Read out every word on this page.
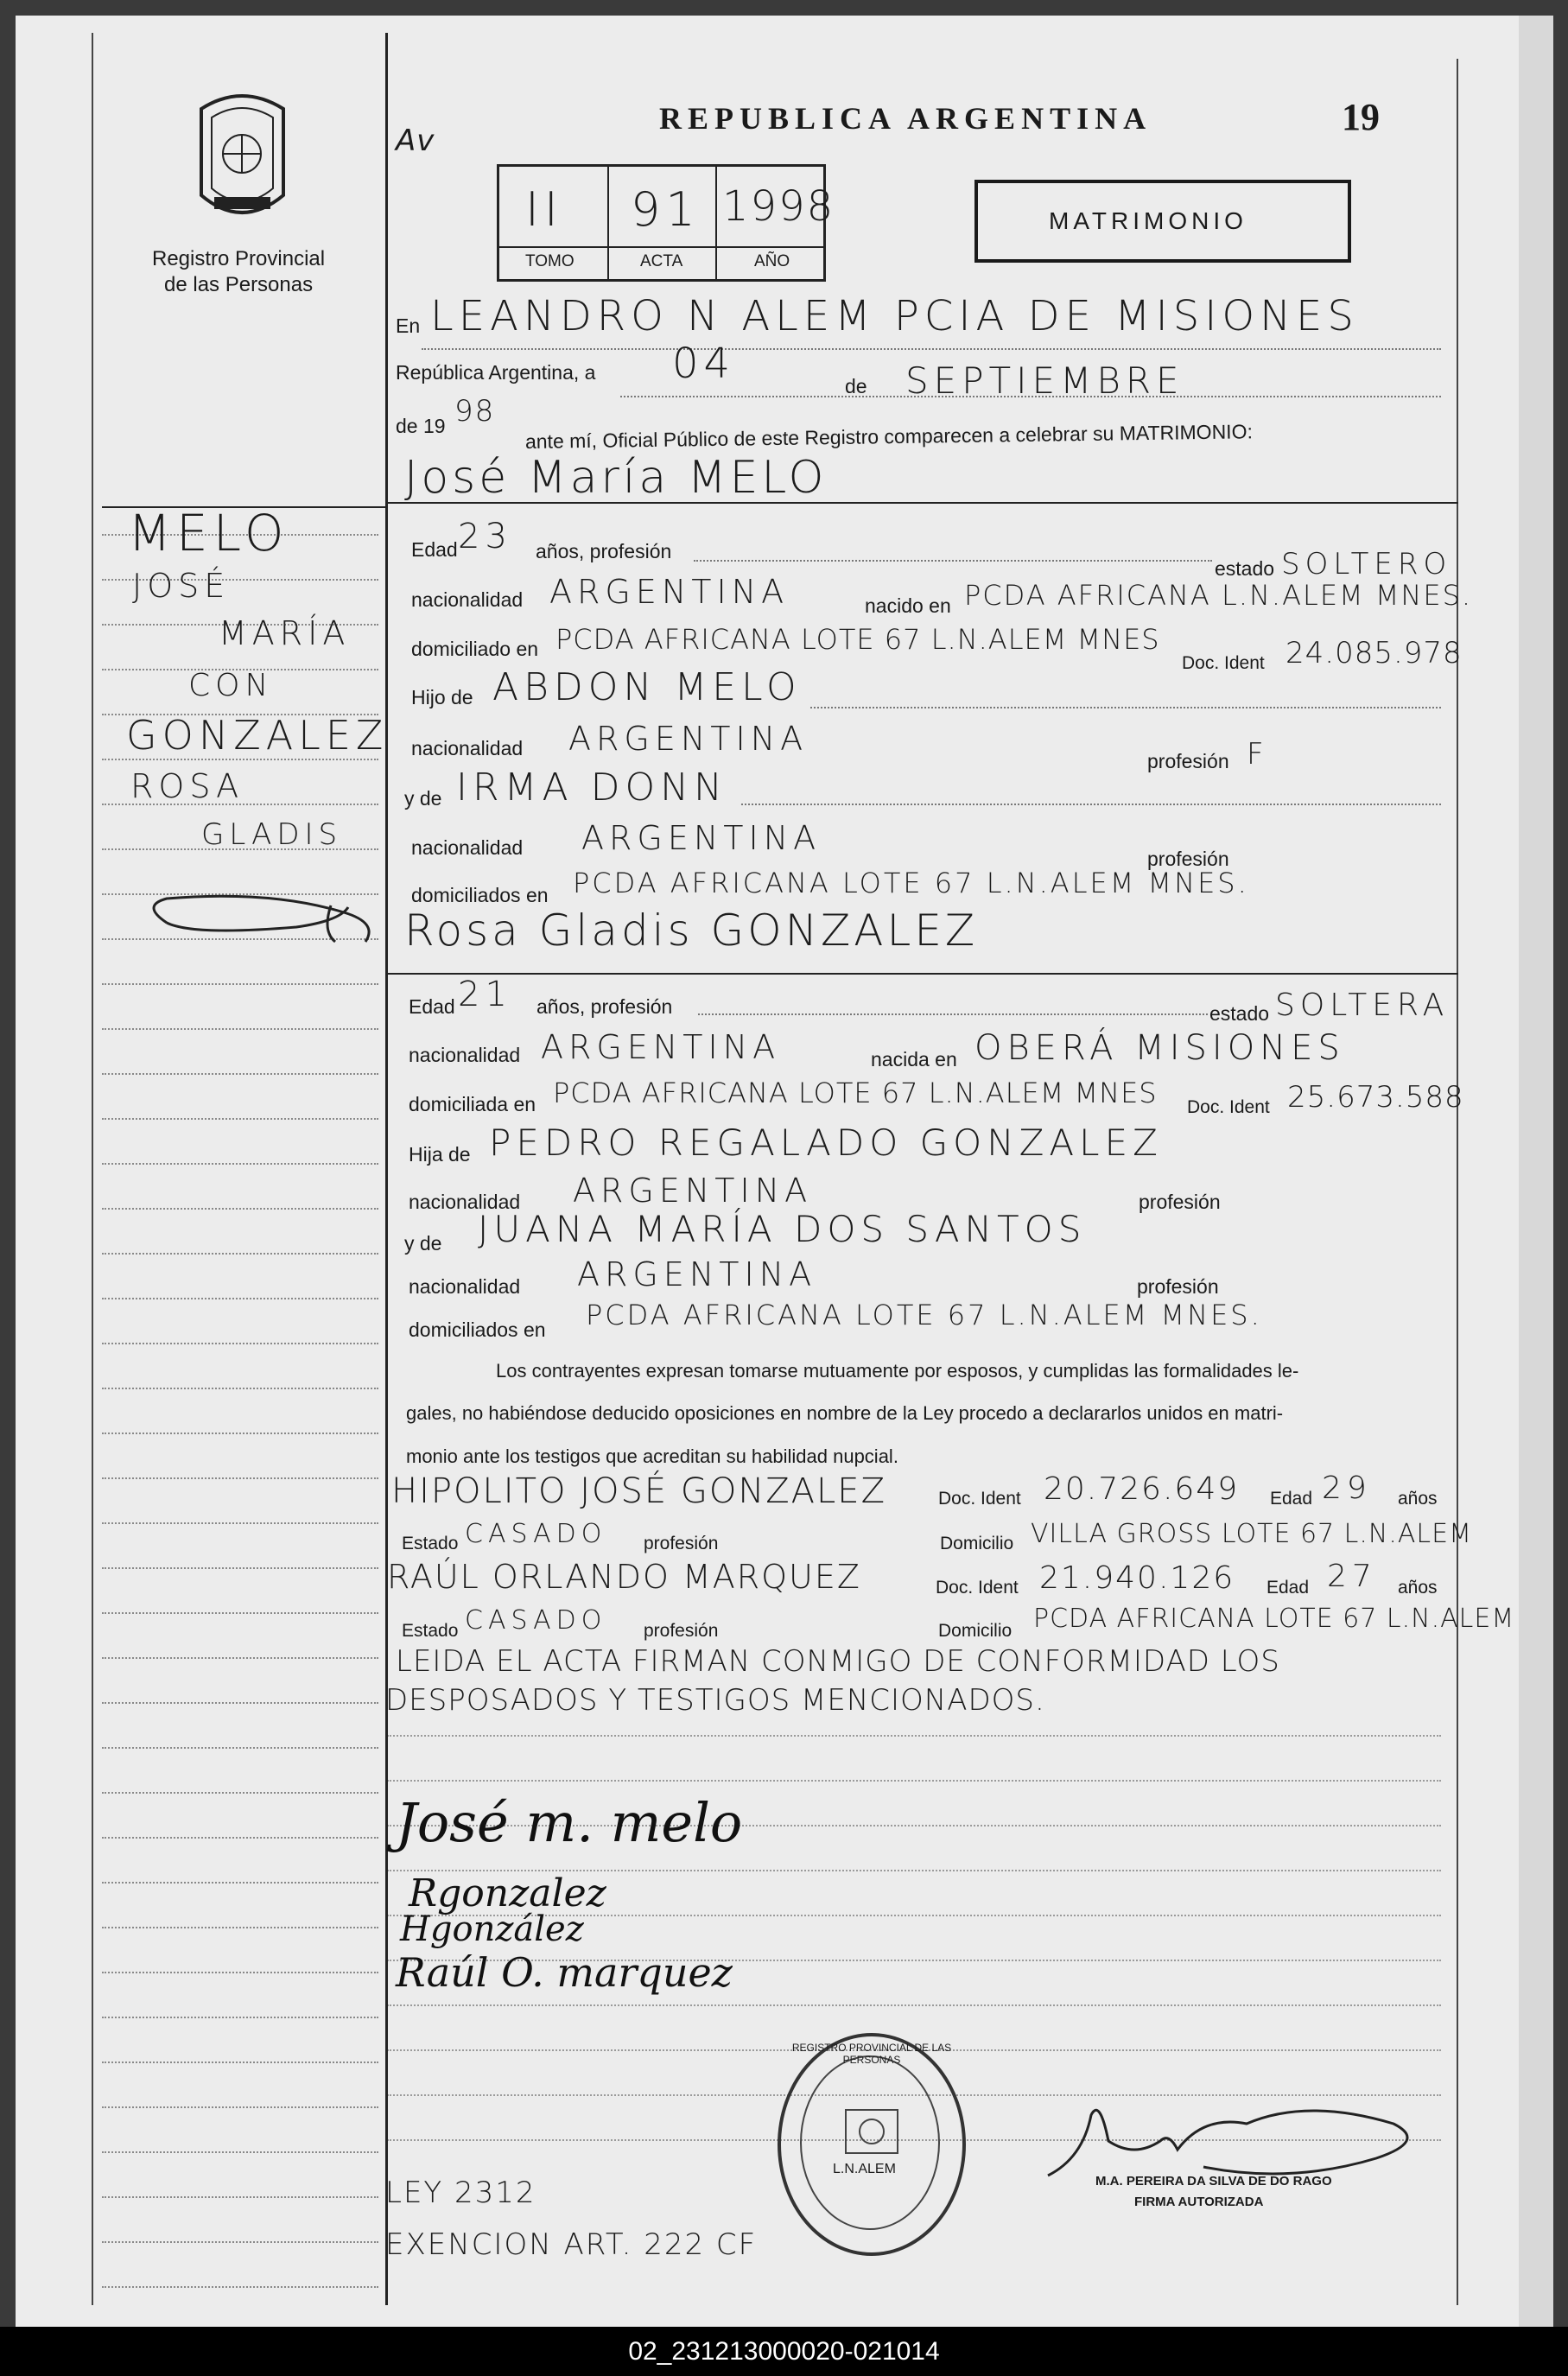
Registro Provincial
de las Personas
Av
REPUBLICA ARGENTINA	19
II 91 1998
TOMO	ACTA	AÑO
MATRIMONIO
En LEANDRO N ALEM PCIA DE MISIONES
República Argentina, a 04	de SEPTIEMBRE
de 19 98
ante mí, Oficial Público de este Registro comparecen a celebrar su MATRIMONIO:
José María MELO
MELO
JOSÉ
MARÍA
CON
GONZALEZ
ROSA
GLADIS
Edad 23 años, profesión
estado SOLTERO
nacionalidad ARGENTINA	nacido en PCDA AFRICANA L.N.ALEM MNES.
domiciliado en PCDA AFRICANA LOTE 67 L.N.ALEM MNES
Doc. Ident 24.085.978
Hijo de ABDON MELO
nacionalidad ARGENTINA
profesión F
y de IRMA DONN
nacionalidad ARGENTINA
profesión
domiciliados en PCDA AFRICANA LOTE 67 L.N.ALEM MNES.
Rosa Gladis GONZALEZ
Edad 21 años, profesión	estado SOLTERA
nacionalidad ARGENTINA	nacida en OBERÁ MISIONES
domiciliada en PCDA AFRICANA LOTE 67 L.N.ALEM MNES Doc. Ident 25.673.588
Hija de PEDRO REGALADO GONZALEZ
nacionalidad ARGENTINA	profesión
y de JUANA MARÍA DOS SANTOS
nacionalidad ARGENTINA	profesión
domiciliados en PCDA AFRICANA LOTE 67 L.N.ALEM MNES.
Los contrayentes expresan tomarse mutuamente por esposos, y cumplidas las formalidades le-
gales, no habiéndose deducido oposiciones en nombre de la Ley procedo a declararlos unidos en matri-
monio ante los testigos que acreditan su habilidad nupcial.
HIPOLITO JOSÉ GONZALEZ	Doc. Ident 20.726.649 Edad 29 años
Estado CASADO profesión	Domicilio VILLA GROSS LOTE 67 L.N.ALEM
RAÚL ORLANDO MARQUEZ	Doc. Ident 21.940.126 Edad 27 años
Estado CASADO profesión	Domicilio PCDA AFRICANA LOTE 67 L.N.ALEM
LEIDA EL ACTA FIRMAN CONMIGO DE CONFORMIDAD LOS
DESPOSADOS Y TESTIGOS MENCIONADOS.
José m. melo
Rgonzalez
Hgonzález
Raúl O. marquez
REGISTRO PROVINCIAL DE LAS PERSONAS
L.N.ALEM
M.A. PEREIRA DA SILVA DE DO RAGO
FIRMA AUTORIZADA
LEY 2312
EXENCION ART. 222 CF
02_231213000020-021014
